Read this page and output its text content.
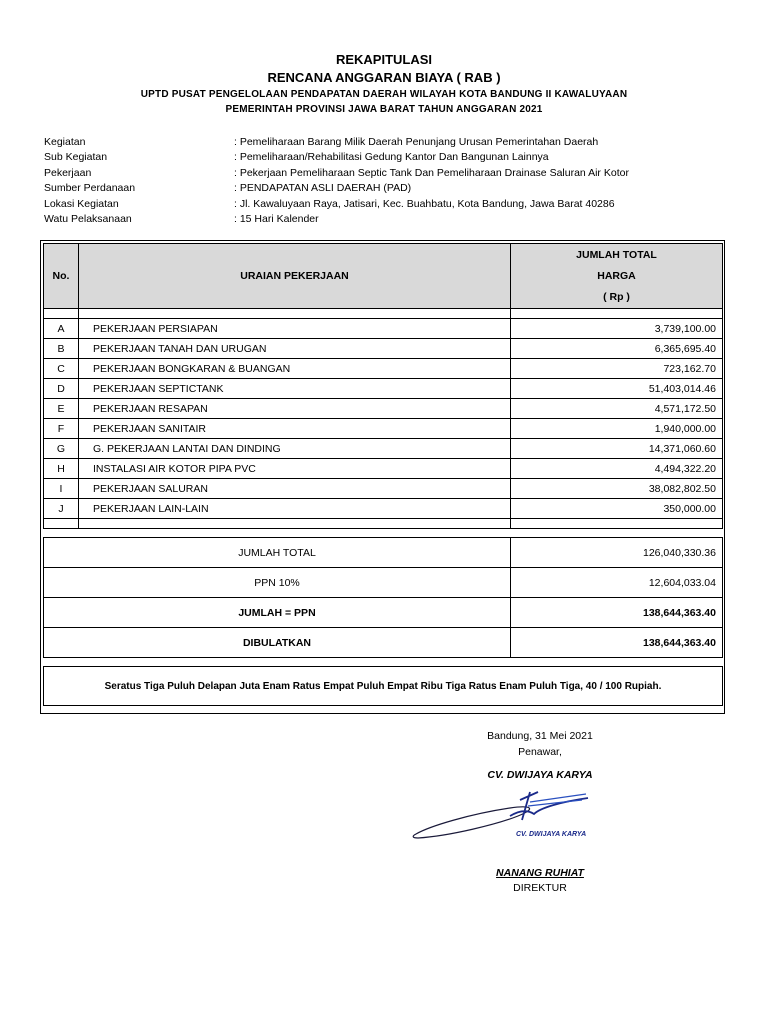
REKAPITULASI

RENCANA ANGGARAN BIAYA ( RAB )

UPTD PUSAT PENGELOLAAN PENDAPATAN DAERAH WILAYAH KOTA BANDUNG II KAWALUYAAN

PEMERINTAH PROVINSI JAWA BARAT TAHUN ANGGARAN 2021

Kegiatan	: Pemeliharaan Barang Milik Daerah Penunjang Urusan Pemerintahan Daerah
Sub Kegiatan	: Pemeliharaan/Rehabilitasi Gedung Kantor Dan Bangunan Lainnya
Pekerjaan	: Pekerjaan Pemeliharaan Septic Tank Dan Pemeliharaan Drainase Saluran Air Kotor
Sumber Perdanaan	: PENDAPATAN ASLI DAERAH (PAD)
Lokasi Kegiatan	: Jl. Kawaluyaan Raya, Jatisari, Kec. Buahbatu, Kota Bandung, Jawa Barat 40286
Watu Pelaksanaan	: 15 Hari Kalender
No.	URAIAN PEKERJAAN	JUMLAH TOTAL
HARGA
( Rp )

A	PEKERJAAN PERSIAPAN	3,739,100.00
B	PEKERJAAN TANAH DAN URUGAN	6,365,695.40
C	PEKERJAAN BONGKARAN & BUANGAN	723,162.70
D	PEKERJAAN SEPTICTANK	51,403,014.46
E	PEKERJAAN RESAPAN	4,571,172.50
F	PEKERJAAN SANITAIR	1,940,000.00
G	G. PEKERJAAN LANTAI DAN DINDING	14,371,060.60
H	INSTALASI AIR KOTOR PIPA PVC	4,494,322.20
I	PEKERJAAN SALURAN	38,082,802.50
J	PEKERJAAN LAIN-LAIN	350,000.00

JUMLAH TOTAL		126,040,330.36
PPN 10%		12,604,033.04
JUMLAH = PPN		138,644,363.40
DIBULATKAN		138,644,363.40

Seratus Tiga Puluh Delapan Juta Enam Ratus Empat Puluh Empat Ribu Tiga Ratus Enam Puluh Tiga, 40 / 100 Rupiah.		

Bandung, 31 Mei 2021

Penawar,

CV. DWIJAYA KARYA

CV. DWIJAYA KARYA

NANANG RUHIAT

DIREKTUR
